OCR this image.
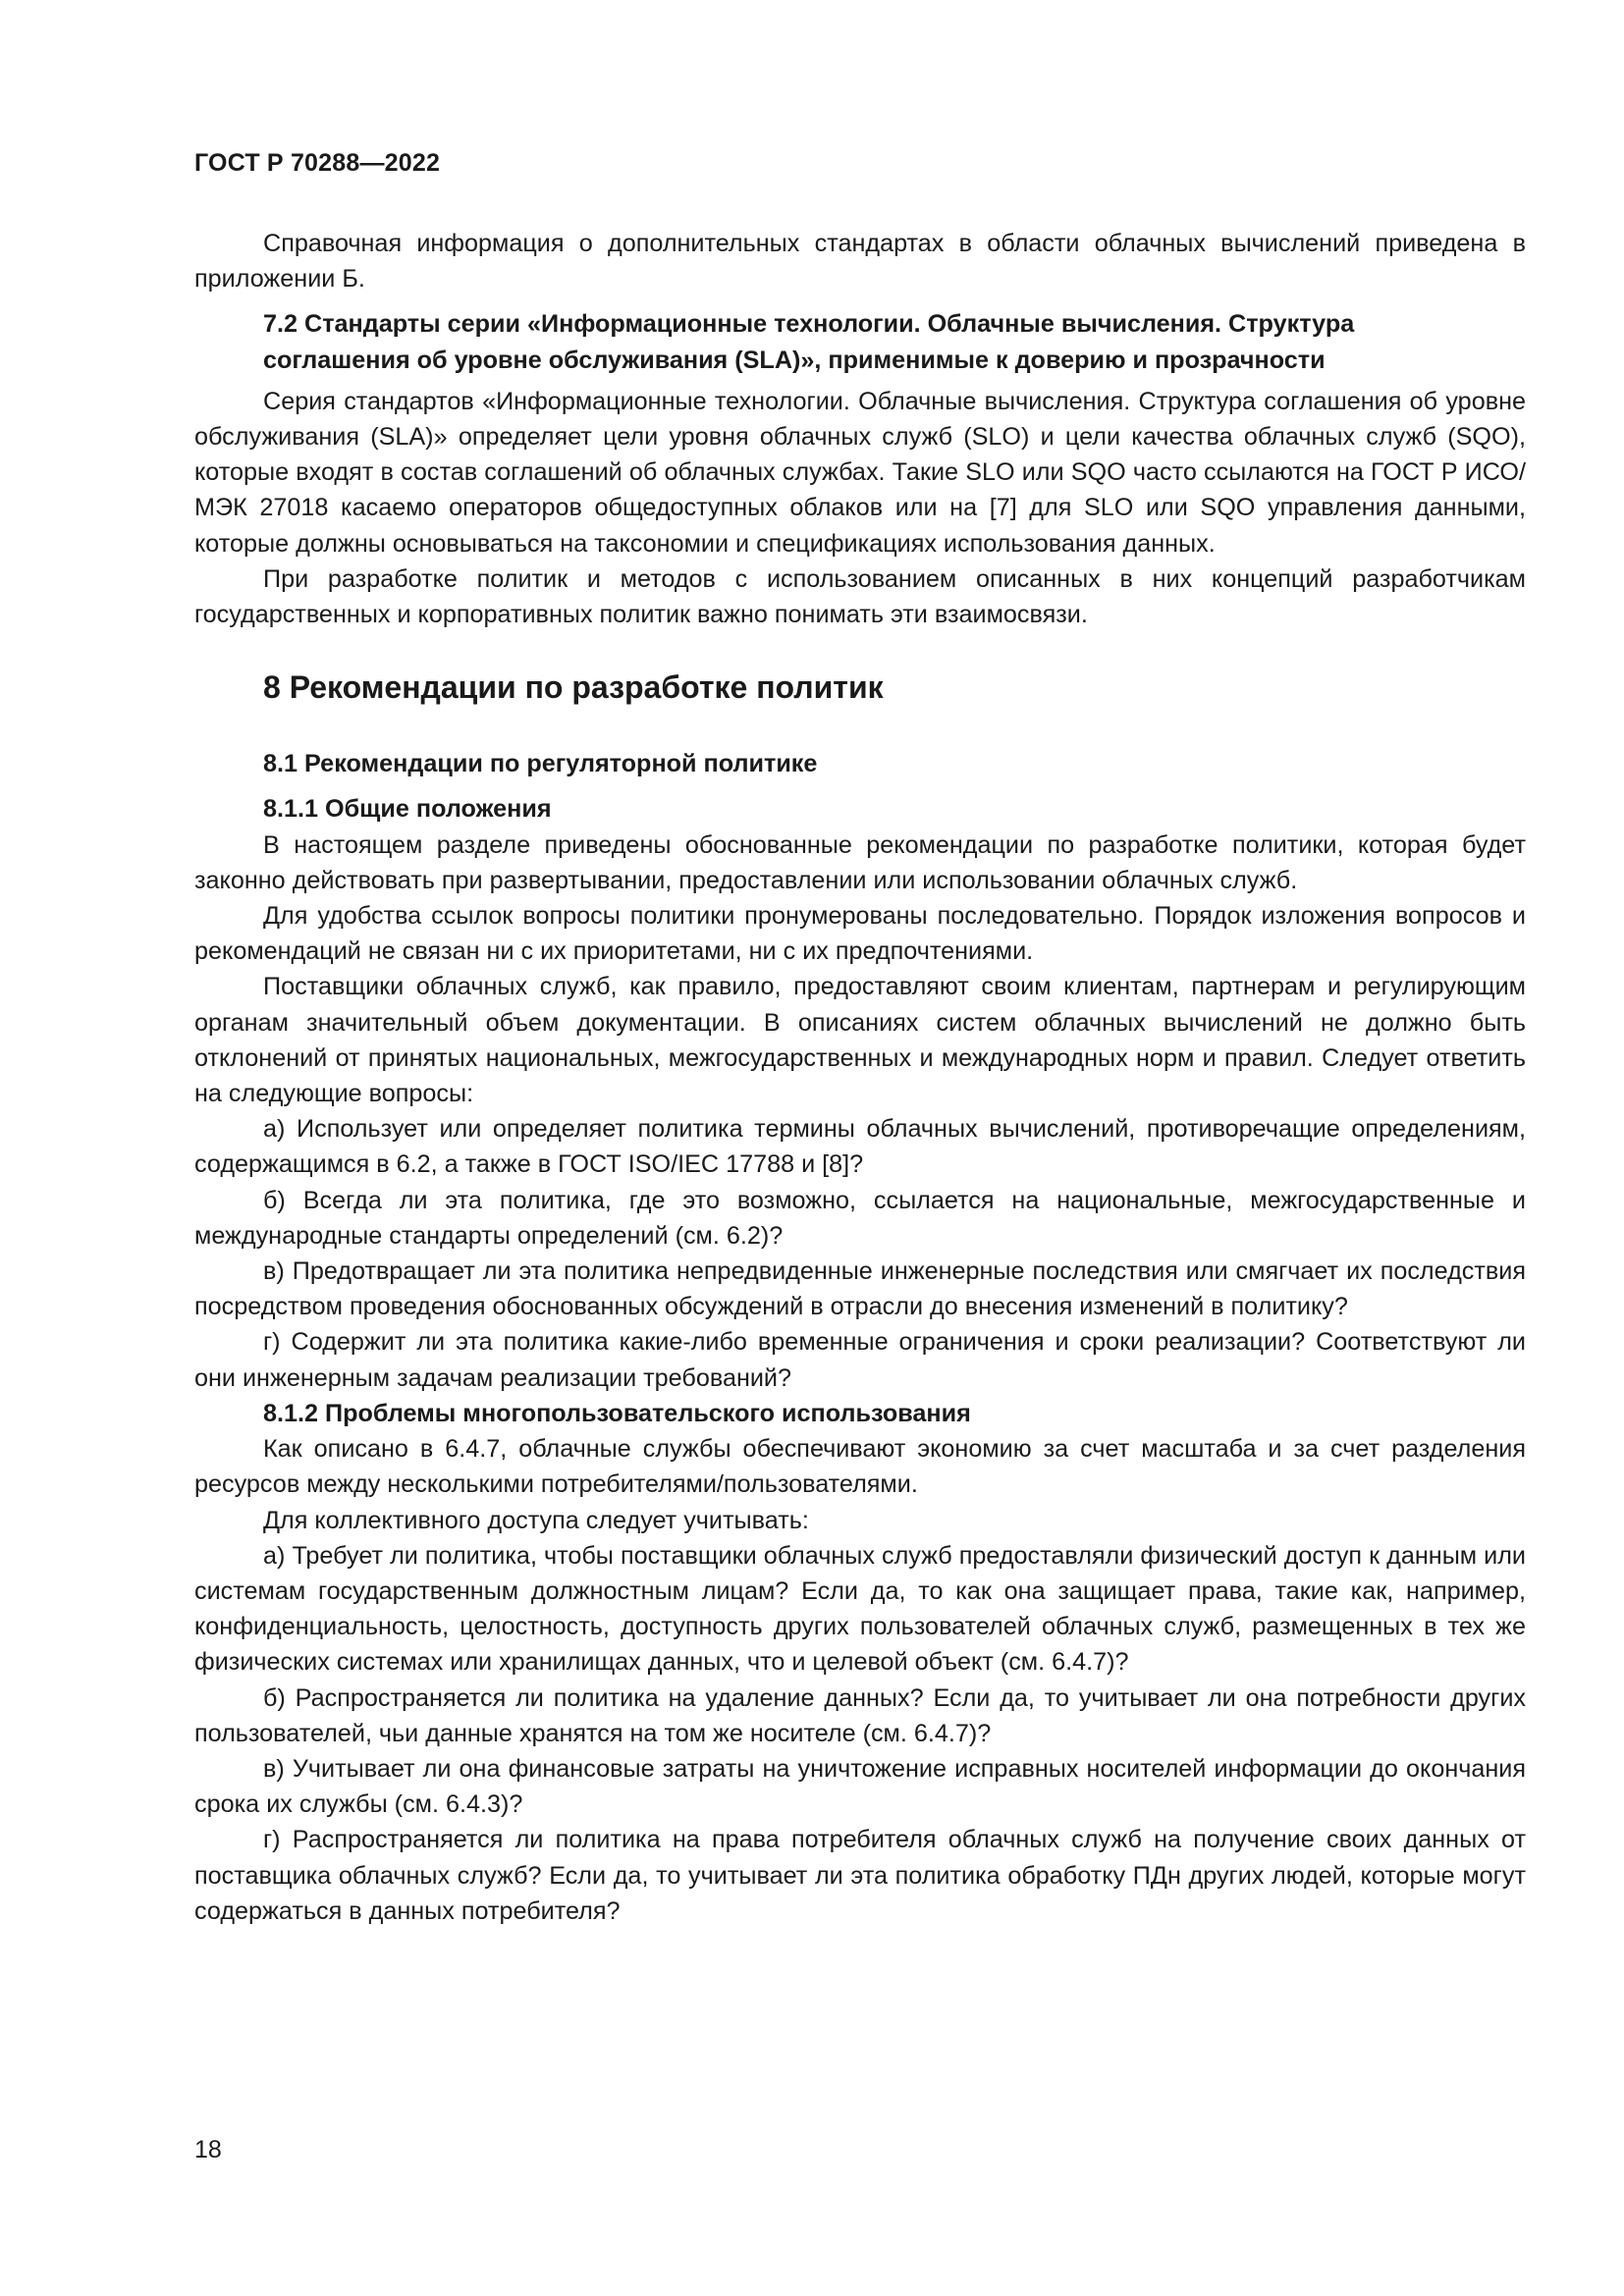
ГОСТ Р 70288—2022

Справочная информация о дополнительных стандартах в области облачных вычислений приведена в приложении Б.

7.2 Стандарты серии «Информационные технологии. Облачные вычисления. Структура
соглашения об уровне обслуживания (SLA)», применимые к доверию и прозрачности

Серия стандартов «Информационные технологии. Облачные вычисления. Структура соглашения об уровне обслуживания (SLA)» определяет цели уровня облачных служб (SLO) и цели качества облачных служб (SQO), которые входят в состав соглашений об облачных службах. Такие SLO или SQO часто ссылаются на ГОСТ Р ИСО/МЭК 27018 касаемо операторов общедоступных облаков или на [7] для SLO или SQO управления данными, которые должны основываться на таксономии и спецификациях использования данных.

При разработке политик и методов с использованием описанных в них концепций разработчикам государственных и корпоративных политик важно понимать эти взаимосвязи.

8 Рекомендации по разработке политик
8.1 Рекомендации по регуляторной политике
8.1.1 Общие положения

В настоящем разделе приведены обоснованные рекомендации по разработке политики, которая будет законно действовать при развертывании, предоставлении или использовании облачных служб.

Для удобства ссылок вопросы политики пронумерованы последовательно. Порядок изложения вопросов и рекомендаций не связан ни с их приоритетами, ни с их предпочтениями.

Поставщики облачных служб, как правило, предоставляют своим клиентам, партнерам и регулирующим органам значительный объем документации. В описаниях систем облачных вычислений не должно быть отклонений от принятых национальных, межгосударственных и международных норм и правил. Следует ответить на следующие вопросы:

а) Использует или определяет политика термины облачных вычислений, противоречащие определениям, содержащимся в 6.2, а также в ГОСТ ISO/IEC 17788 и [8]?

б) Всегда ли эта политика, где это возможно, ссылается на национальные, межгосударственные и международные стандарты определений (см. 6.2)?

в) Предотвращает ли эта политика непредвиденные инженерные последствия или смягчает их последствия посредством проведения обоснованных обсуждений в отрасли до внесения изменений в политику?

г) Содержит ли эта политика какие-либо временные ограничения и сроки реализации? Соответствуют ли они инженерным задачам реализации требований?

8.1.2 Проблемы многопользовательского использования

Как описано в 6.4.7, облачные службы обеспечивают экономию за счет масштаба и за счет разделения ресурсов между несколькими потребителями/пользователями.

Для коллективного доступа следует учитывать:

а) Требует ли политика, чтобы поставщики облачных служб предоставляли физический доступ к данным или системам государственным должностным лицам? Если да, то как она защищает права, такие как, например, конфиденциальность, целостность, доступность других пользователей облачных служб, размещенных в тех же физических системах или хранилищах данных, что и целевой объект (см. 6.4.7)?

б) Распространяется ли политика на удаление данных? Если да, то учитывает ли она потребности других пользователей, чьи данные хранятся на том же носителе (см. 6.4.7)?

в) Учитывает ли она финансовые затраты на уничтожение исправных носителей информации до окончания срока их службы (см. 6.4.3)?

г) Распространяется ли политика на права потребителя облачных служб на получение своих данных от поставщика облачных служб? Если да, то учитывает ли эта политика обработку ПДн других людей, которые могут содержаться в данных потребителя?

18
